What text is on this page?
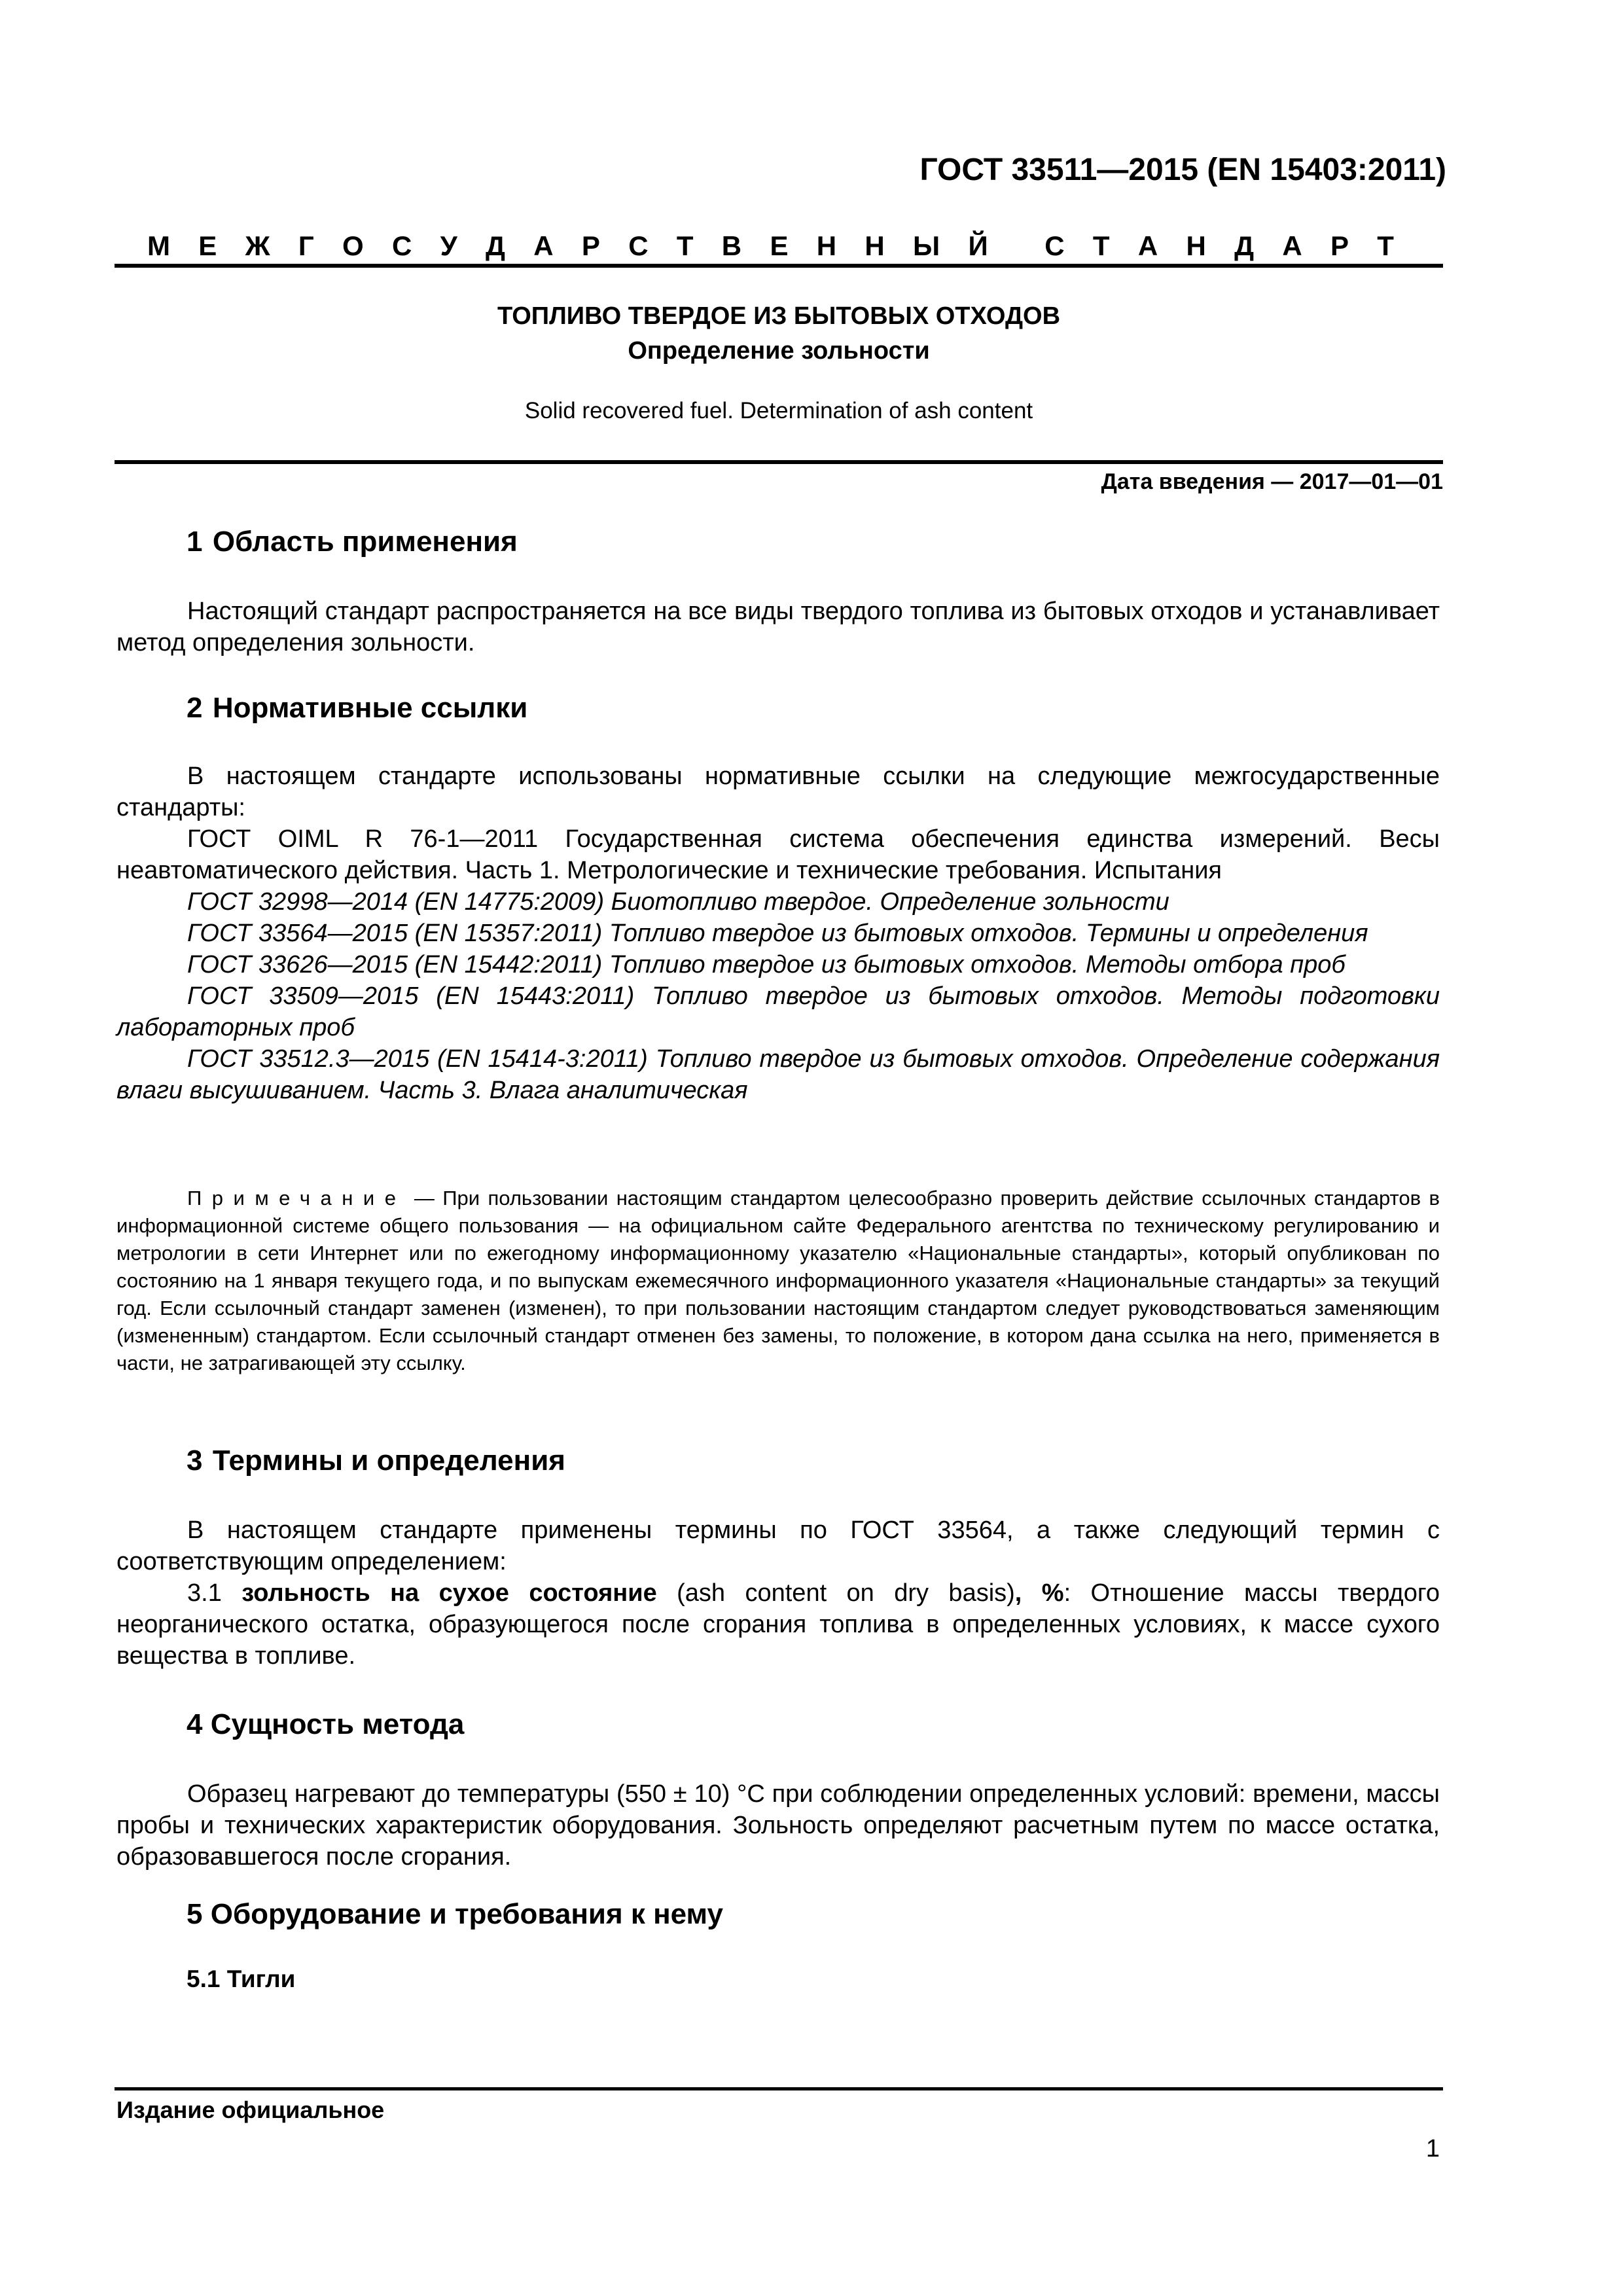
ГОСТ 33511—2015 (EN 15403:2011)
М Е Ж Г О С У Д А Р С Т В Е Н Н Ы Й С Т А Н Д А Р Т
ТОПЛИВО ТВЕРДОЕ ИЗ БЫТОВЫХ ОТХОДОВ
Определение зольности
Solid recovered fuel. Determination of ash content
Дата введения — 2017—01—01
1 Область применения

Настоящий стандарт распространяется на все виды твердого топлива из бытовых отходов и устанавливает метод определения зольности.

2 Нормативные ссылки

В настоящем стандарте использованы нормативные ссылки на следующие межгосударственные стандарты:

ГОСТ OIML R 76-1—2011 Государственная система обеспечения единства измерений. Весы неавтоматического действия. Часть 1. Метрологические и технические требования. Испытания

ГОСТ 32998—2014 (EN 14775:2009) Биотопливо твердое. Определение зольности

ГОСТ 33564—2015 (EN 15357:2011) Топливо твердое из бытовых отходов. Термины и определения

ГОСТ 33626—2015 (EN 15442:2011) Топливо твердое из бытовых отходов. Методы отбора проб

ГОСТ 33509—2015 (EN 15443:2011) Топливо твердое из бытовых отходов. Методы подготовки лабораторных проб

ГОСТ 33512.3—2015 (EN 15414-3:2011) Топливо твердое из бытовых отходов. Определение содержания влаги высушиванием. Часть 3. Влага аналитическая

Примечание — При пользовании настоящим стандартом целесообразно проверить действие ссылочных стандартов в информационной системе общего пользования — на официальном сайте Федерального агентства по техническому регулированию и метрологии в сети Интернет или по ежегодному информационному указателю «Национальные стандарты», который опубликован по состоянию на 1 января текущего года, и по выпускам ежемесячного информационного указателя «Национальные стандарты» за текущий год. Если ссылочный стандарт заменен (изменен), то при пользовании настоящим стандартом следует руководствоваться заменяющим (измененным) стандартом. Если ссылочный стандарт отменен без замены, то положение, в котором дана ссылка на него, применяется в части, не затрагивающей эту ссылку.
3 Термины и определения

В настоящем стандарте применены термины по ГОСТ 33564, а также следующий термин с соответствующим определением:

3.1 зольность на сухое состояние (ash content on dry basis), %: Отношение массы твердого неорганического остатка, образующегося после сгорания топлива в определенных условиях, к массе сухого вещества в топливе.

4 Сущность метода

Образец нагревают до температуры (550 ± 10) °С при соблюдении определенных условий: времени, массы пробы и технических характеристик оборудования. Зольность определяют расчетным путем по массе остатка, образовавшегося после сгорания.

5 Оборудование и требования к нему
5.1 Тигли
Издание официальное
1
